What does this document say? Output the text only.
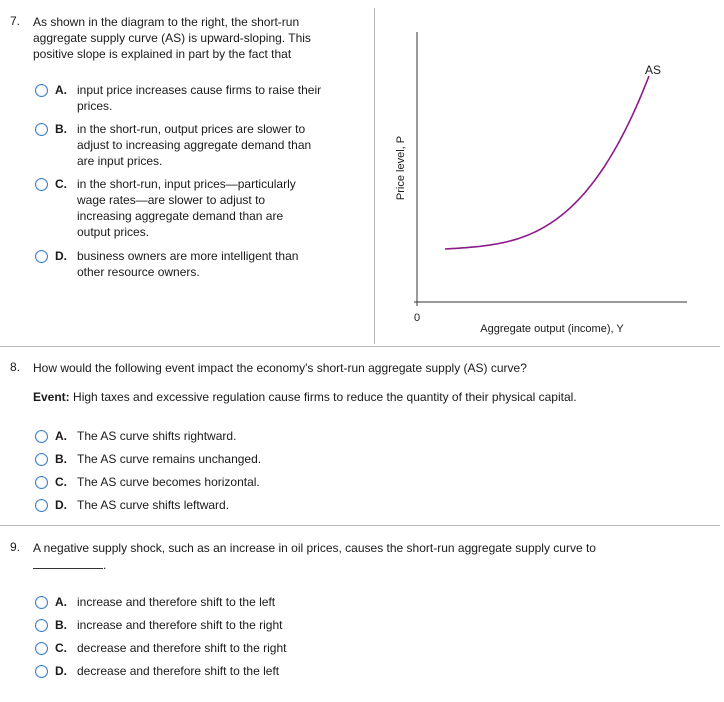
7. As shown in the diagram to the right, the short-run aggregate supply curve (AS) is upward-sloping. This positive slope is explained in part by the fact that
A. input price increases cause firms to raise their prices.
B. in the short-run, output prices are slower to adjust to increasing aggregate demand than are input prices.
C. in the short-run, input prices—particularly wage rates—are slower to adjust to increasing aggregate demand than are output prices.
D. business owners are more intelligent than other resource owners.
AS
0
Aggregate output (income), Y
Price level, P
8. How would the following event impact the economy's short-run aggregate supply (AS) curve?
Event: High taxes and excessive regulation cause firms to reduce the quantity of their physical capital.
A. The AS curve shifts rightward.
B. The AS curve remains unchanged.
C. The AS curve becomes horizontal.
D. The AS curve shifts leftward.
9. A negative supply shock, such as an increase in oil prices, causes the short-run aggregate supply curve to
.
A. increase and therefore shift to the left
B. increase and therefore shift to the right
C. decrease and therefore shift to the right
D. decrease and therefore shift to the left
